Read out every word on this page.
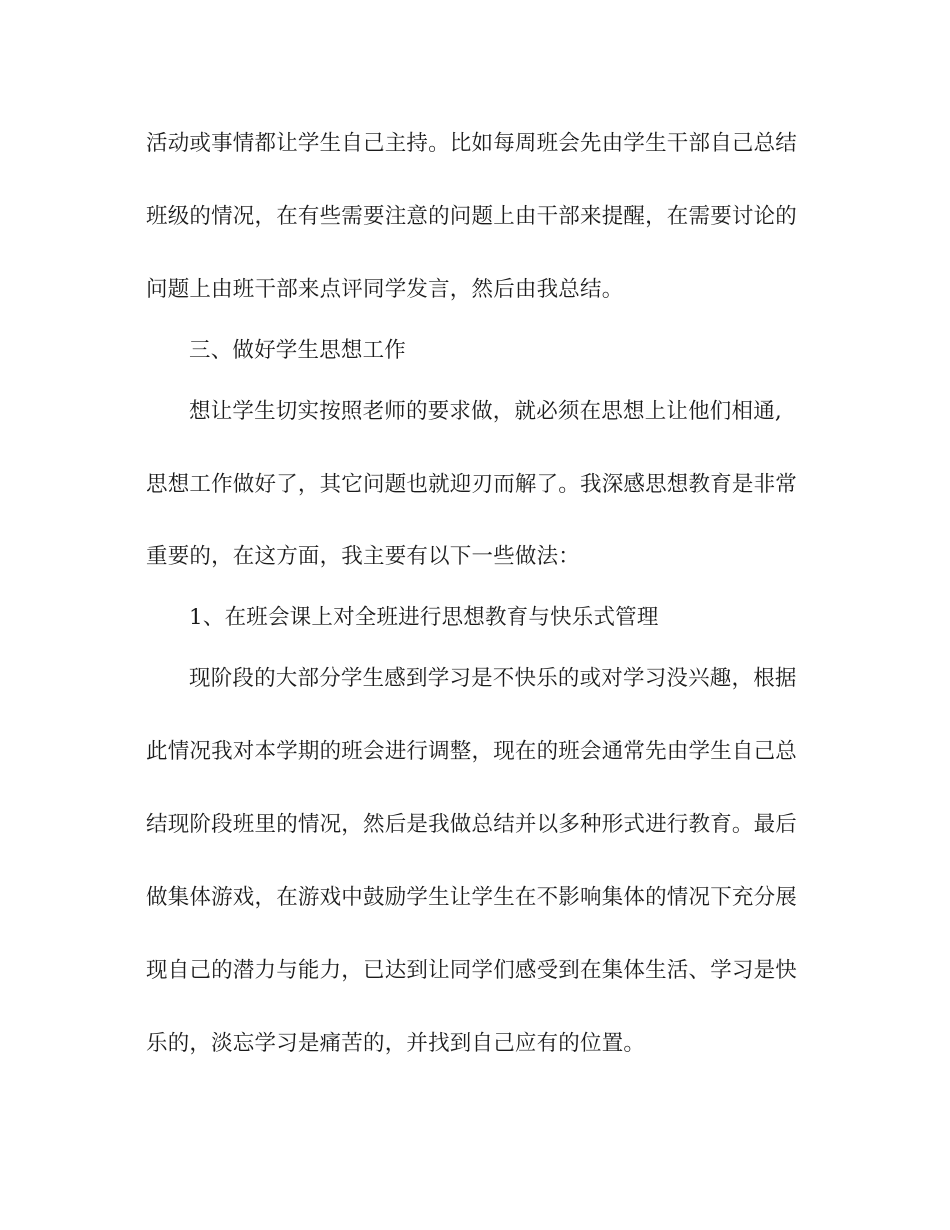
活动或事情都让学生自己主持。比如每周班会先由学生干部自己总结
班级的情况，在有些需要注意的问题上由干部来提醒，在需要讨论的
问题上由班干部来点评同学发言，然后由我总结。
三、做好学生思想工作
想让学生切实按照老师的要求做，就必须在思想上让他们相通,
思想工作做好了，其它问题也就迎刃而解了。我深感思想教育是非常
重要的，在这方面，我主要有以下一些做法：
1、在班会课上对全班进行思想教育与快乐式管理
现阶段的大部分学生感到学习是不快乐的或对学习没兴趣，根据
此情况我对本学期的班会进行调整，现在的班会通常先由学生自己总
结现阶段班里的情况，然后是我做总结并以多种形式进行教育。最后
做集体游戏，在游戏中鼓励学生让学生在不影响集体的情况下充分展
现自己的潜力与能力，已达到让同学们感受到在集体生活、学习是快
乐的，淡忘学习是痛苦的，并找到自己应有的位置。
